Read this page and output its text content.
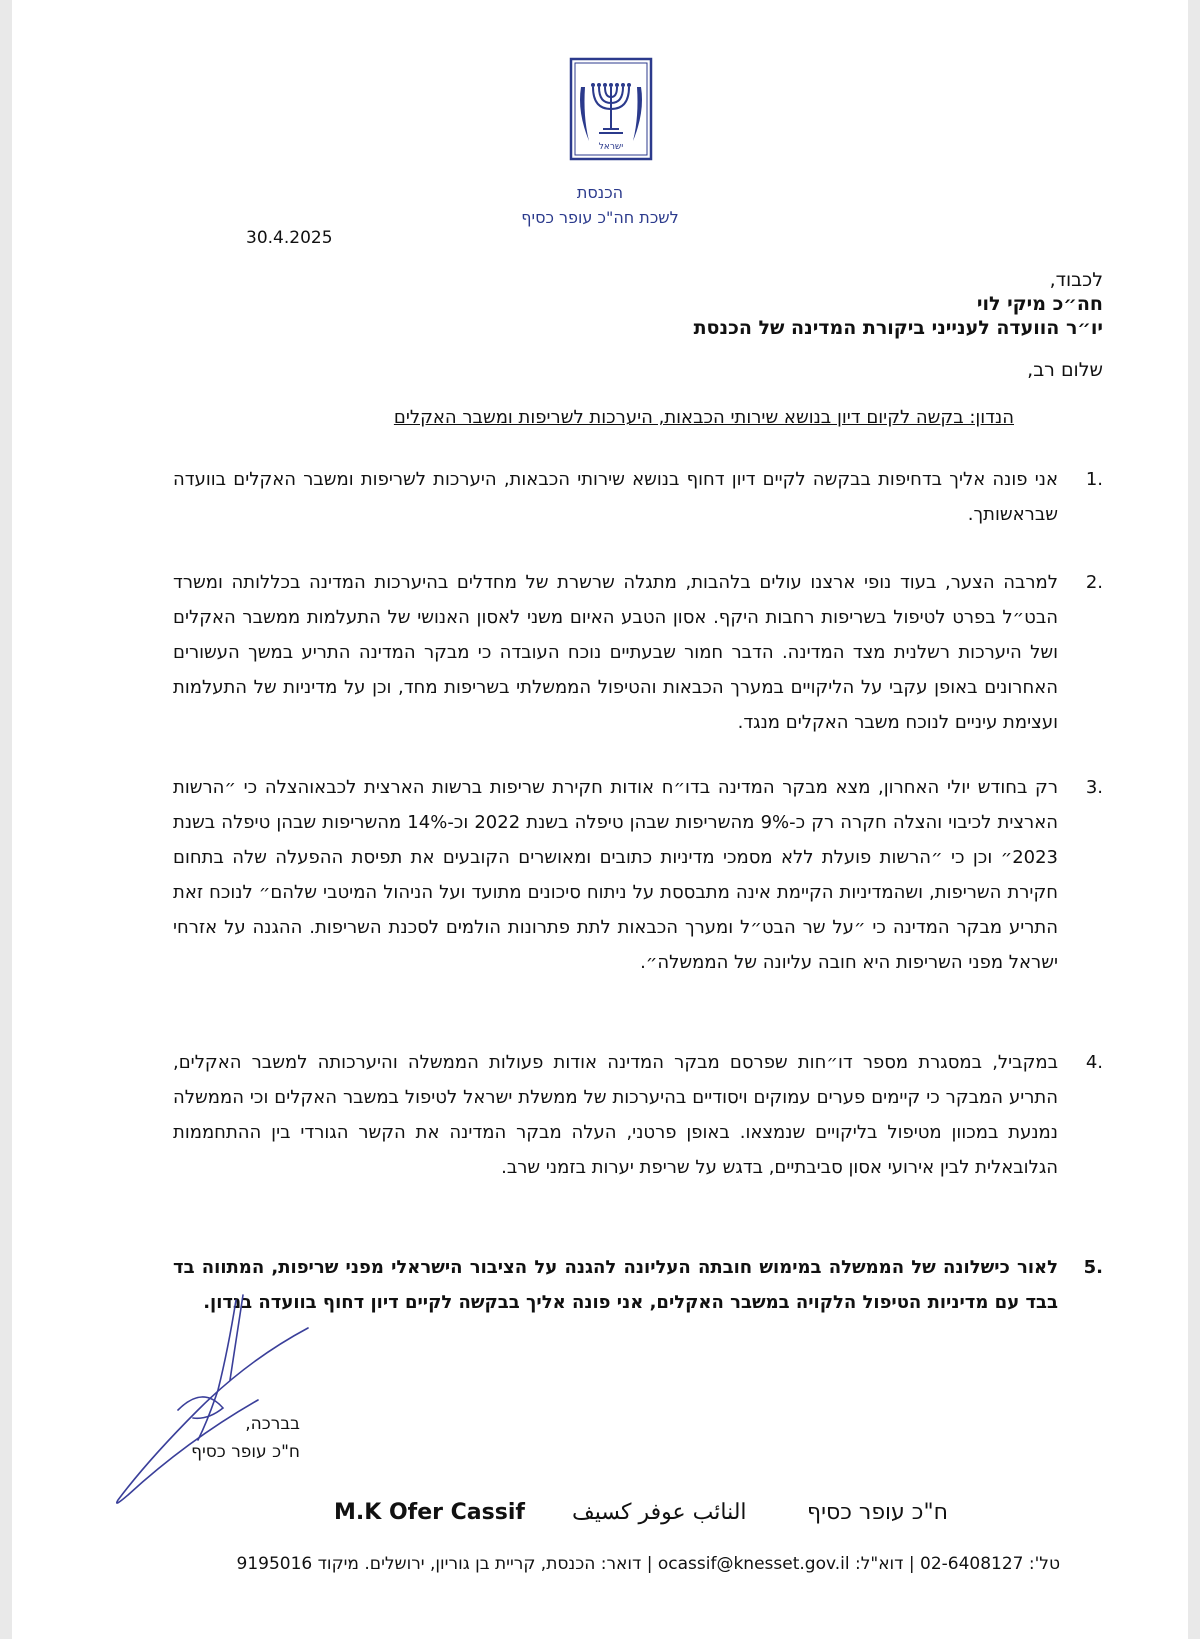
ישראל
הכנסת
לשכת חה"כ עופר כסיף
30.4.2025
לכבוד,
חה״כ מיקי לוי
יו״ר הוועדה לענייני ביקורת המדינה של הכנסת
שלום רב,
הנדון: בקשה לקיום דיון בנושא שירותי הכבאות, היערכות לשריפות ומשבר האקלים
.1
אני פונה אליך בדחיפות בבקשה לקיים דיון דחוף בנושא שירותי הכבאות, היערכות לשריפות ומשבר האקלים בוועדה שבראשותך.
.2
למרבה הצער, בעוד נופי ארצנו עולים בלהבות, מתגלה שרשרת של מחדלים בהיערכות המדינה בכללותה ומשרד הבט״ל בפרט לטיפול בשריפות רחבות היקף. אסון הטבע האיום משני לאסון האנושי של התעלמות ממשבר האקלים ושל היערכות רשלנית מצד המדינה. הדבר חמור שבעתיים נוכח העובדה כי מבקר המדינה התריע במשך העשורים האחרונים באופן עקבי על הליקויים במערך הכבאות והטיפול הממשלתי בשריפות מחד, וכן על מדיניות של התעלמות ועצימת עיניים לנוכח משבר האקלים מנגד.
.3
רק בחודש יולי האחרון, מצא מבקר המדינה בדו״ח אודות חקירת שריפות ברשות הארצית לכבאוהצלה כי ״הרשות הארצית לכיבוי והצלה חקרה רק כ-9% מהשריפות שבהן טיפלה בשנת 2022 וכ-14% מהשריפות שבהן טיפלה בשנת 2023״ וכן כי ״הרשות פועלת ללא מסמכי מדיניות כתובים ומאושרים הקובעים את תפיסת ההפעלה שלה בתחום חקירת השריפות, ושהמדיניות הקיימת אינה מתבססת על ניתוח סיכונים מתועד ועל הניהול המיטבי שלהם״ לנוכח זאת התריע מבקר המדינה כי ״על שר הבט״ל ומערך הכבאות לתת פתרונות הולמים לסכנת השריפות. ההגנה על אזרחי ישראל מפני השריפות היא חובה עליונה של הממשלה״.
.4
במקביל, במסגרת מספר דו״חות שפרסם מבקר המדינה אודות פעולות הממשלה והיערכותה למשבר האקלים, התריע המבקר כי קיימים פערים עמוקים ויסודיים בהיערכות של ממשלת ישראל לטיפול במשבר האקלים וכי הממשלה נמנעת במכוון מטיפול בליקויים שנמצאו. באופן פרטני, העלה מבקר המדינה את הקשר הגורדי בין ההתחממות הגלובאלית לבין אירועי אסון סביבתיים, בדגש על שריפת יערות בזמני שרב.
.5
לאור כישלונה של הממשלה במימוש חובתה העליונה להגנה על הציבור הישראלי מפני שריפות, המתווה בד בבד עם מדיניות הטיפול הלקויה במשבר האקלים, אני פונה אליך בבקשה לקיים דיון דחוף בוועדה בנדון.
בברכה,
ח"כ עופר כסיף
M.K Ofer Cassif النائب عوفر كسيف	ח"כ עופר כסיף
טל': 02-6408127 | דוא"ל: ocassif@knesset.gov.il | דואר: הכנסת, קריית בן גוריון, ירושלים. מיקוד 9195016
